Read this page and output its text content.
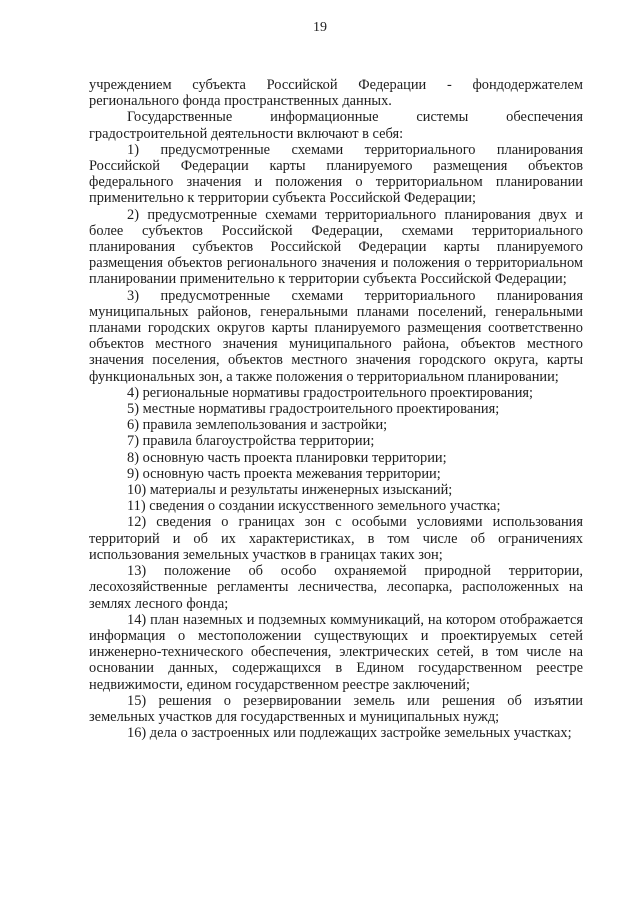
19

учреждением субъекта Российской Федерации - фондодержателем регионального фонда пространственных данных.

Государственные информационные системы обеспечения градостроительной деятельности включают в себя:

1) предусмотренные схемами территориального планирования Российской Федерации карты планируемого размещения объектов федерального значения и положения о территориальном планировании применительно к территории субъекта Российской Федерации;

2) предусмотренные схемами территориального планирования двух и более субъектов Российской Федерации, схемами территориального планирования субъектов Российской Федерации карты планируемого размещения объектов регионального значения и положения о территориальном планировании применительно к территории субъекта Российской Федерации;

3) предусмотренные схемами территориального планирования муниципальных районов, генеральными планами поселений, генеральными планами городских округов карты планируемого размещения соответственно объектов местного значения муниципального района, объектов местного значения поселения, объектов местного значения городского округа, карты функциональных зон, а также положения о территориальном планировании;

4) региональные нормативы градостроительного проектирования;

5) местные нормативы градостроительного проектирования;

6) правила землепользования и застройки;

7) правила благоустройства территории;

8) основную часть проекта планировки территории;

9) основную часть проекта межевания территории;

10) материалы и результаты инженерных изысканий;

11) сведения о создании искусственного земельного участка;

12) сведения о границах зон с особыми условиями использования территорий и об их характеристиках, в том числе об ограничениях использования земельных участков в границах таких зон;

13) положение об особо охраняемой природной территории, лесохозяйственные регламенты лесничества, лесопарка, расположенных на землях лесного фонда;

14) план наземных и подземных коммуникаций, на котором отображается информация о местоположении существующих и проектируемых сетей инженерно-технического обеспечения, электрических сетей, в том числе на основании данных, содержащихся в Едином государственном реестре недвижимости, едином государственном реестре заключений;

15) решения о резервировании земель или решения об изъятии земельных участков для государственных и муниципальных нужд;

16) дела о застроенных или подлежащих застройке земельных участках;
